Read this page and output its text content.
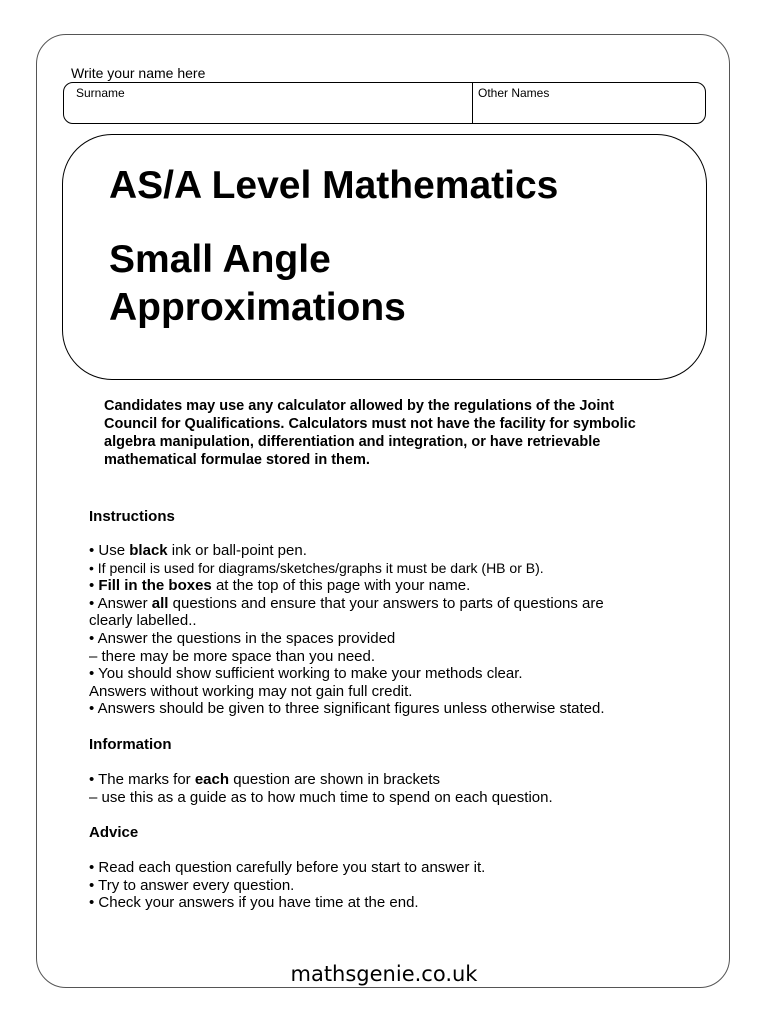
Write your name here
Surname	Other Names
AS/A Level Mathematics
Small Angle
Approximations
Candidates may use any calculator allowed by the regulations of the Joint Council for Qualifications. Calculators must not have the facility for symbolic algebra manipulation, differentiation and integration, or have retrievable mathematical formulae stored in them.
Instructions
• Use black ink or ball-point pen.
• If pencil is used for diagrams/sketches/graphs it must be dark (HB or B).
• Fill in the boxes at the top of this page with your name.
• Answer all questions and ensure that your answers to parts of questions are
clearly labelled..
• Answer the questions in the spaces provided
– there may be more space than you need.
• You should show sufficient working to make your methods clear.
Answers without working may not gain full credit.
• Answers should be given to three significant figures unless otherwise stated.
Information
• The marks for each question are shown in brackets
– use this as a guide as to how much time to spend on each question.
Advice
• Read each question carefully before you start to answer it.
• Try to answer every question.
• Check your answers if you have time at the end.
mathsgenie.co.uk
